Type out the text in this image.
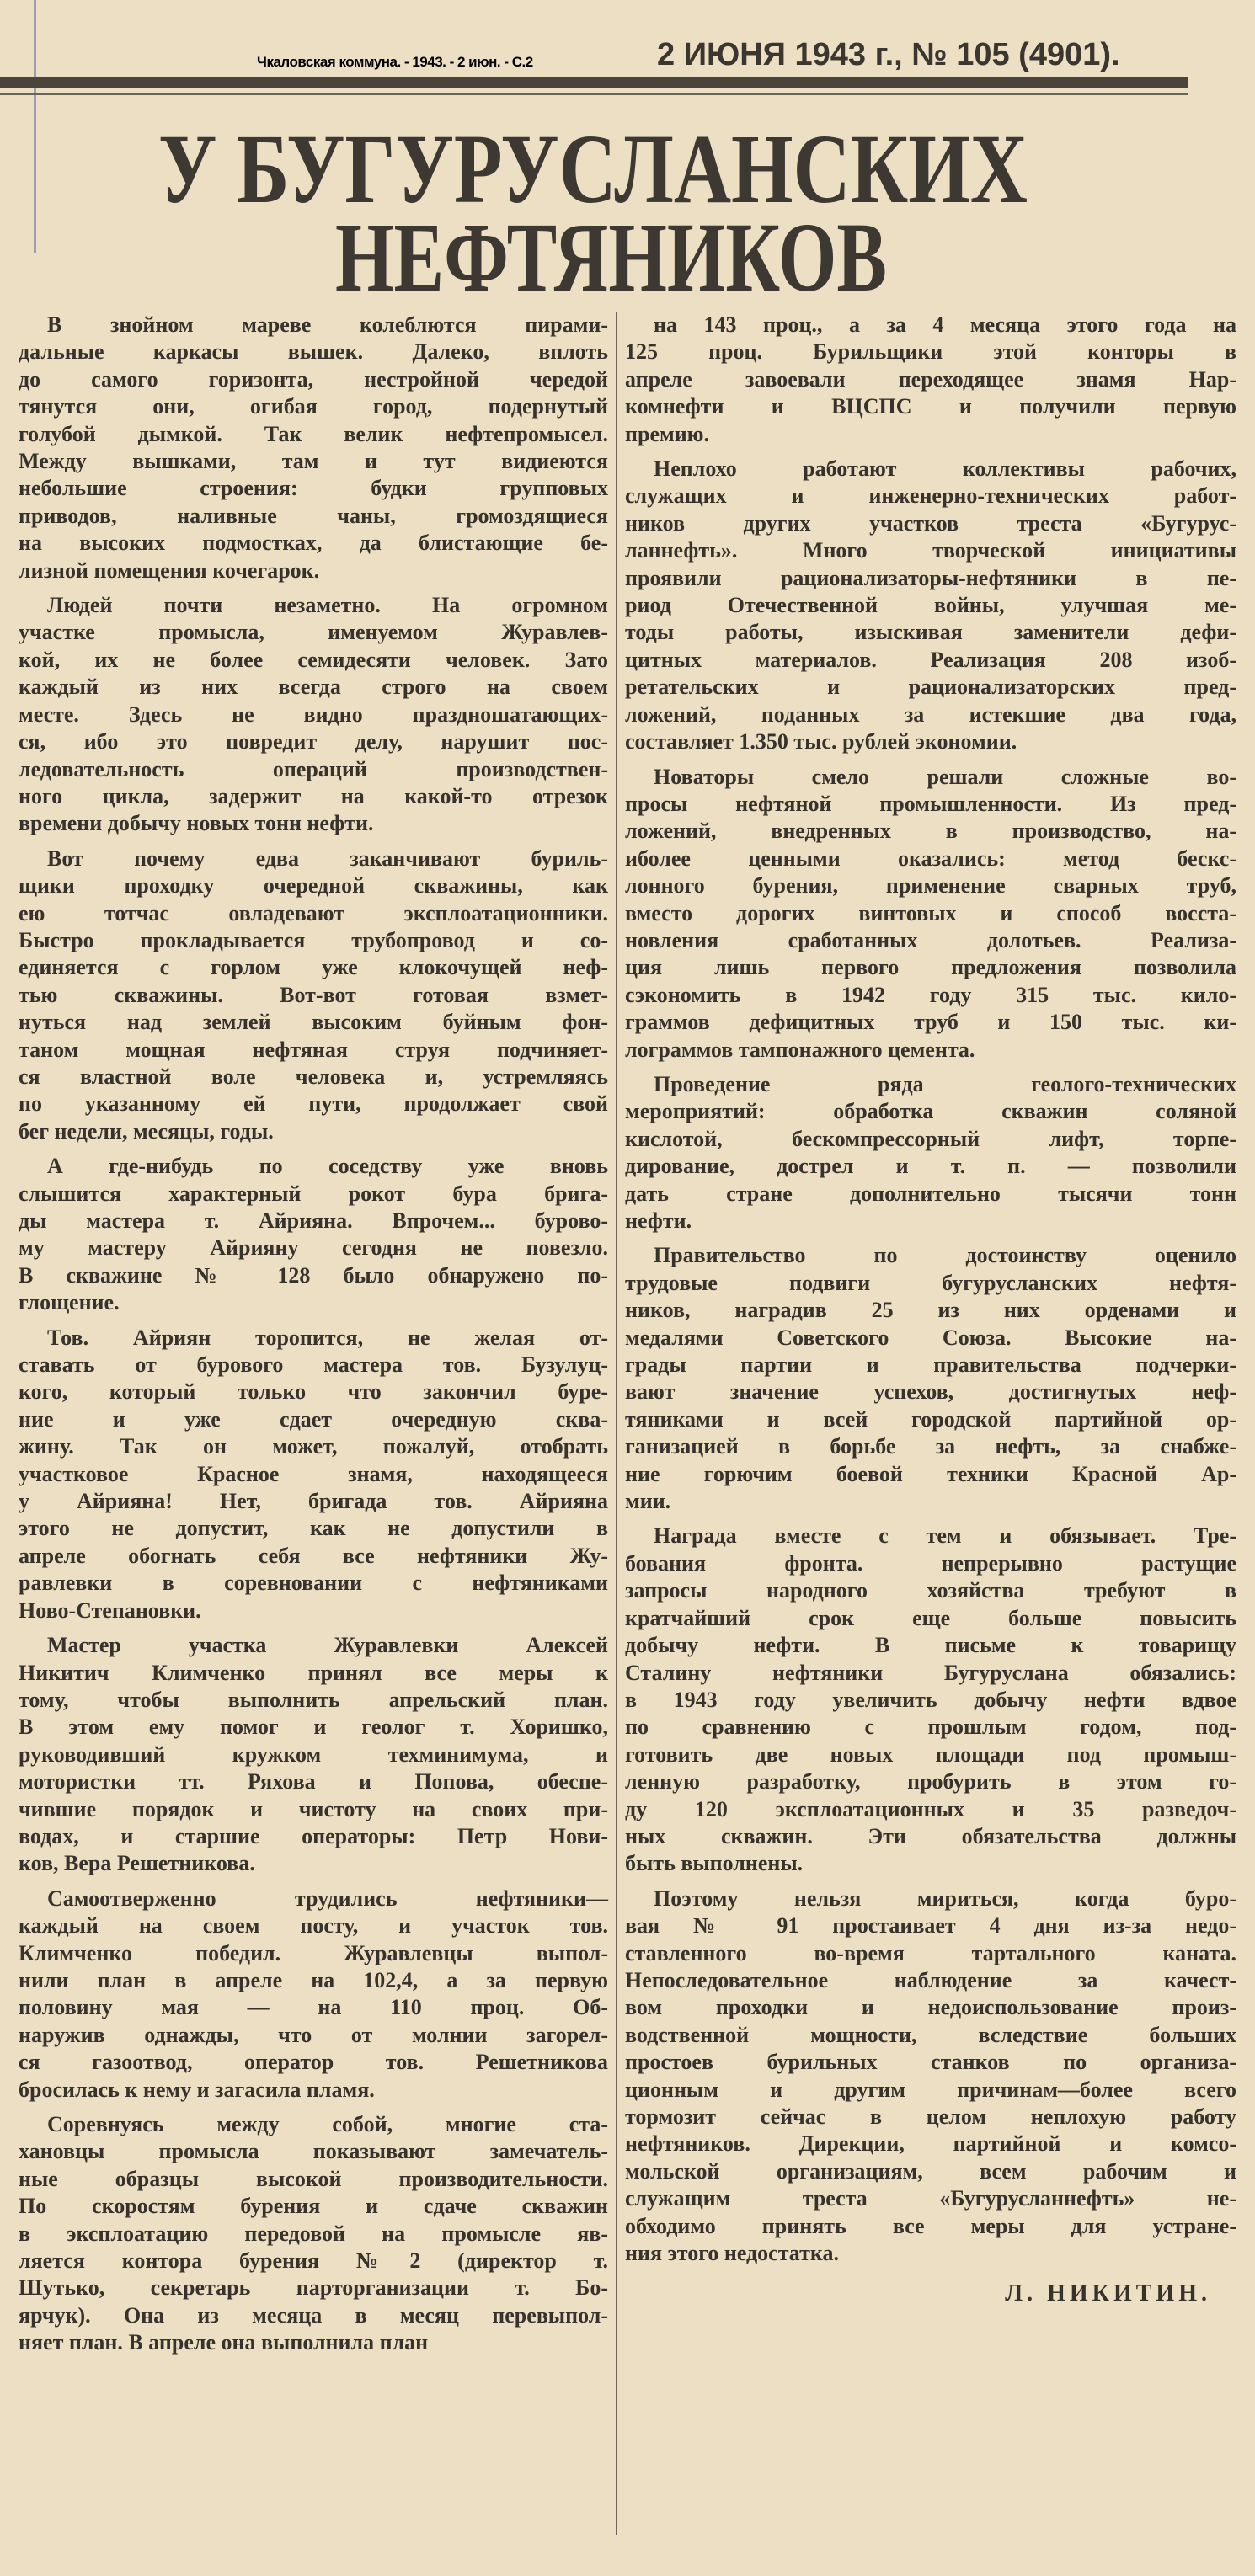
Чкаловская коммуна. - 1943. - 2 июн. - С.2	2 ИЮНЯ 1943 г., № 105 (4901).
У БУГУРУСЛАНСКИХ
НЕФТЯНИКОВ
В знойном мареве колеблются пирами-
дальные каркасы вышек. Далеко, вплоть
до самого горизонта, нестройной чередой
тянутся они, огибая город, подернутый
голубой дымкой. Так велик нефтепромысел.
Между вышками, там и тут видиеются
небольшие строения: будки групповых
приводов, наливные чаны, громоздящиеся
на высоких подмостках, да блистающие бе-
лизной помещения кочегарок.
Людей почти незаметно. На огромном
участке промысла, именуемом Журавлев-
кой, их не более семидесяти человек. Зато
каждый из них всегда строго на своем
месте. Здесь не видно праздношатающих-
ся, ибо это повредит делу, нарушит пос-
ледовательность операций производствен-
ного цикла, задержит на какой-то отрезок
времени добычу новых тонн нефти.
Вот почему едва заканчивают буриль-
щики проходку очередной скважины, как
ею тотчас овладевают эксплоатационники.
Быстро прокладывается трубопровод и со-
единяется с горлом уже клокочущей неф-
тью скважины. Вот-вот готовая взмет-
нуться над землей высоким буйным фон-
таном мощная нефтяная струя подчиняет-
ся властной воле человека и, устремляясь
по указанному ей пути, продолжает свой
бег недели, месяцы, годы.
А где-нибудь по соседству уже вновь
слышится характерный рокот бура брига-
ды мастера т. Айрияна. Впрочем... бурово-
му мастеру Айрияну сегодня не повезло.
В скважине № 128 было обнаружено по-
глощение.
Тов. Айриян торопится, не желая от-
ставать от бурового мастера тов. Бузулуц-
кого, который только что закончил буре-
ние и уже сдает очередную сква-
жину. Так он может, пожалуй, отобрать
участковое Красное знамя, находящееся
у Айрияна! Нет, бригада тов. Айрияна
этого не допустит, как не допустили в
апреле обогнать себя все нефтяники Жу-
равлевки в соревновании с нефтяниками
Ново-Степановки.
Мастер участка Журавлевки Алексей
Никитич Климченко принял все меры к
тому, чтобы выполнить апрельский план.
В этом ему помог и геолог т. Хоришко,
руководивший кружком техминимума, и
мотористки тт. Ряхова и Попова, обеспе-
чившие порядок и чистоту на своих при-
водах, и старшие операторы: Петр Нови-
ков, Вера Решетникова.
Самоотверженно трудились нефтяники—
каждый на своем посту, и участок тов.
Климченко победил. Журавлевцы выпол-
нили план в апреле на 102,4, а за первую
половину мая — на 110 проц. Об-
наружив однажды, что от молнии загорел-
ся газоотвод, оператор тов. Решетникова
бросилась к нему и загасила пламя.
Соревнуясь между собой, многие ста-
хановцы промысла показывают замечатель-
ные образцы высокой производительности.
По скоростям бурения и сдаче скважин
в эксплоатацию передовой на промысле яв-
ляется контора бурения №2 (директор т.
Шутько, секретарь парторганизации т. Бо-
ярчук). Она из месяца в месяц перевыпол-
няет план. В апреле она выполнила план
на 143 проц., а за 4 месяца этого года на
125 проц. Бурильщики этой конторы в
апреле завоевали переходящее знамя Нар-
комнефти и ВЦСПС и получили первую
премию.
Неплохо работают коллективы рабочих,
служащих и инженерно-технических работ-
ников других участков треста «Бугурус-
ланнефть». Много творческой инициативы
проявили рационализаторы-нефтяники в пе-
риод Отечественной войны, улучшая ме-
тоды работы, изыскивая заменители дефи-
цитных материалов. Реализация 208 изоб-
ретательских и рационализаторских пред-
ложений, поданных за истекшие два года,
составляет 1.350 тыс. рублей экономии.
Новаторы смело решали сложные во-
просы нефтяной промышленности. Из пред-
ложений, внедренных в производство, на-
иболее ценными оказались: метод бескс-
лонного бурения, применение сварных труб,
вместо дорогих винтовых и способ восста-
новления сработанных долотьев. Реализа-
ция лишь первого предложения позволила
сэкономить в 1942 году 315 тыс. кило-
граммов дефицитных труб и 150 тыс. ки-
лограммов тампонажного цемента.
Проведение ряда геолого-технических
мероприятий: обработка скважин соляной
кислотой, бескомпрессорный лифт, торпе-
дирование, дострел и т. п. — позволили
дать стране дополнительно тысячи тонн
нефти.
Правительство по достоинству оценило
трудовые подвиги бугурусланских нефтя-
ников, наградив 25 из них орденами и
медалями Советского Союза. Высокие на-
грады партии и правительства подчерки-
вают значение успехов, достигнутых неф-
тяниками и всей городской партийной ор-
ганизацией в борьбе за нефть, за снабже-
ние горючим боевой техники Красной Ар-
мии.
Награда вместе с тем и обязывает. Тре-
бования фронта. непрерывно растущие
запросы народного хозяйства требуют в
кратчайший срок еще больше повысить
добычу нефти. В письме к товарищу
Сталину нефтяники Бугуруслана обязались:
в 1943 году увеличить добычу нефти вдвое
по сравнению с прошлым годом, под-
готовить две новых площади под промыш-
ленную разработку, пробурить в этом го-
ду 120 эксплоатационных и 35 разведоч-
ных скважин. Эти обязательства должны
быть выполнены.
Поэтому нельзя мириться, когда буро-
вая № 91 простаивает 4 дня из-за недо-
ставленного во-время тартального каната.
Непоследовательное наблюдение за качест-
вом проходки и недоиспользование произ-
водственной мощности, вследствие больших
простоев бурильных станков по организа-
ционным и другим причинам—более всего
тормозит сейчас в целом неплохую работу
нефтяников. Дирекции, партийной и комсо-
мольской организациям, всем рабочим и
служащим треста «Бугурусланнефть» не-
обходимо принять все меры для устране-
ния этого недостатка.
Л. НИКИТИН.
